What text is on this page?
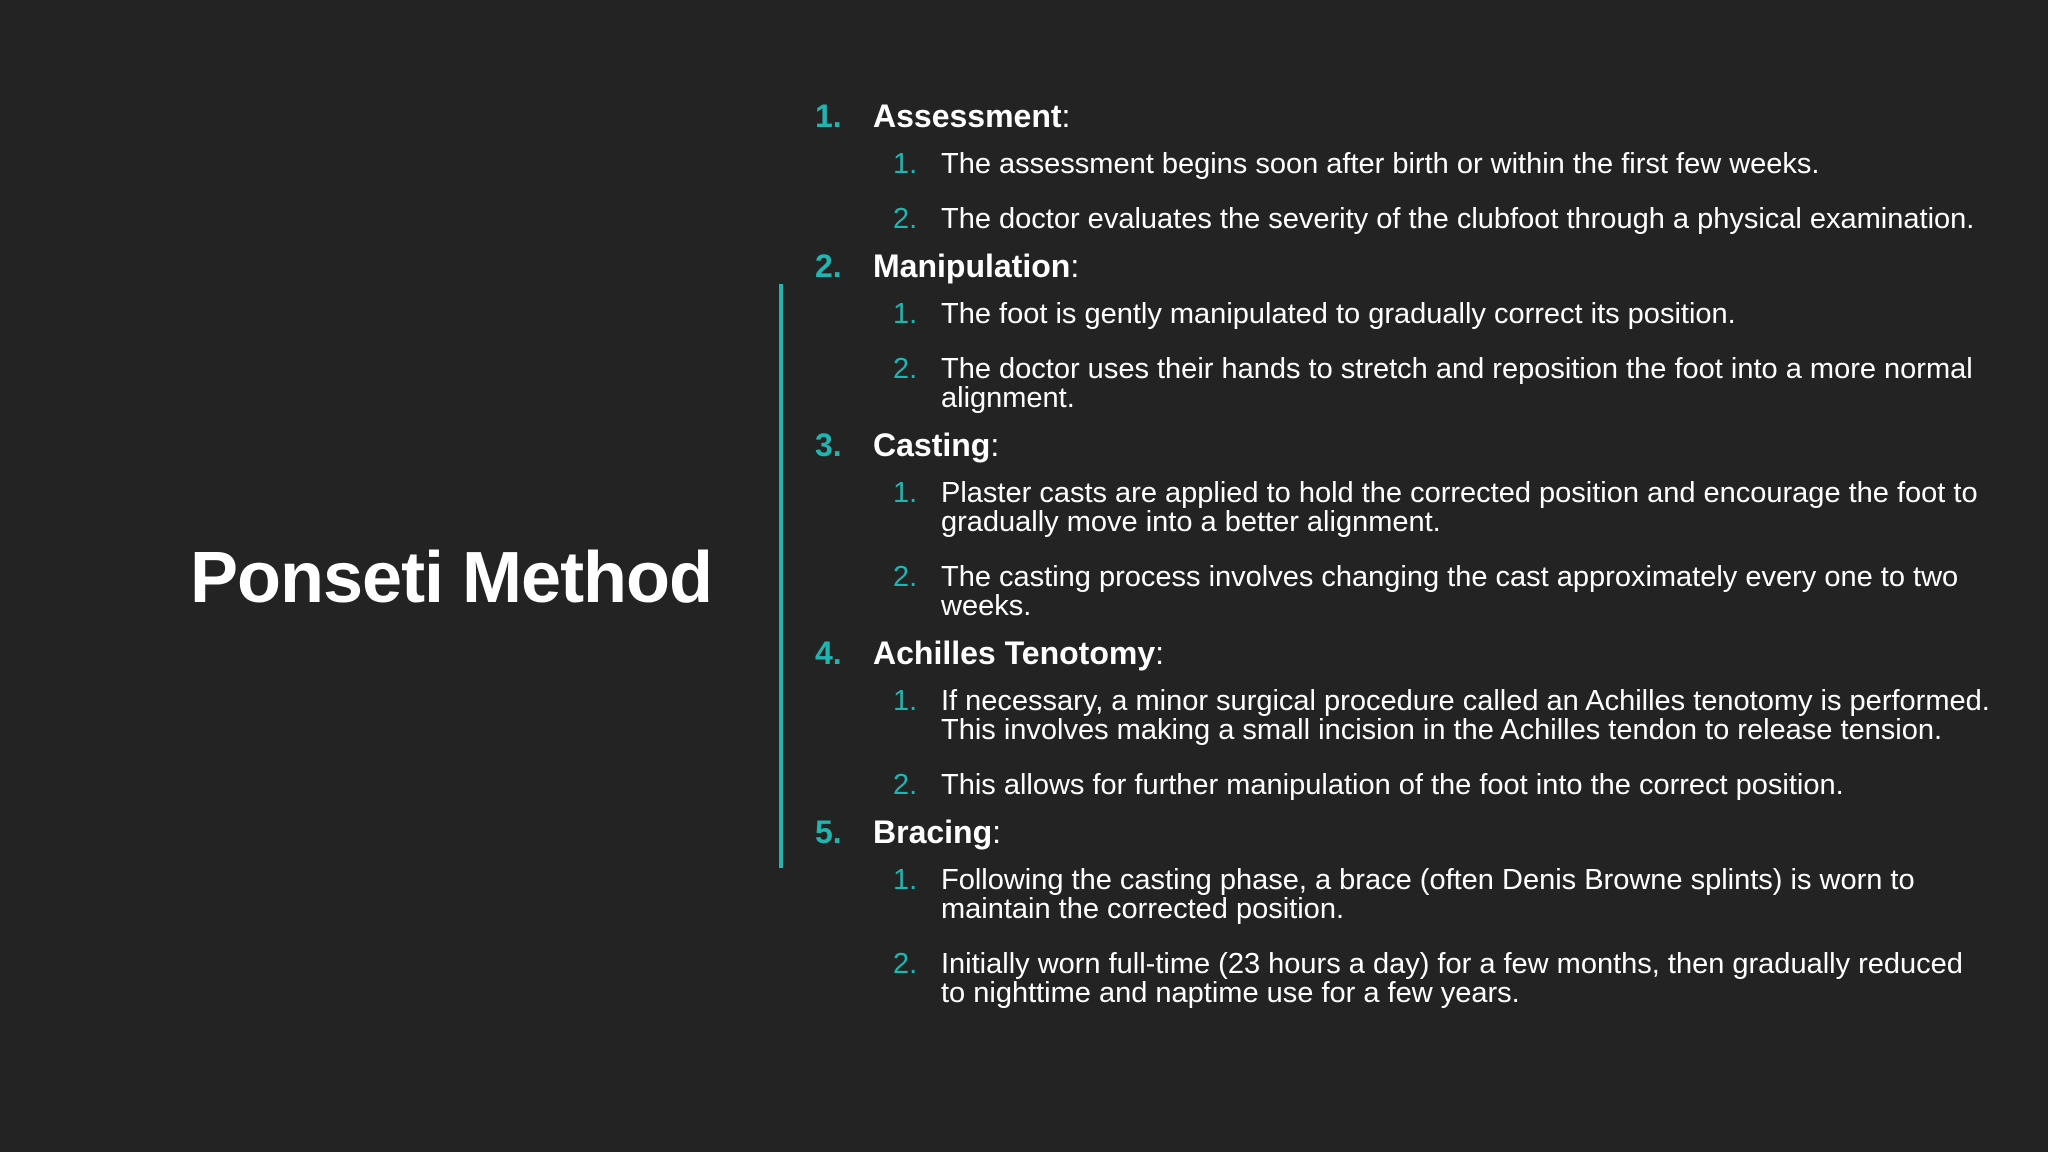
Ponseti Method
1. Assessment:
1. The assessment begins soon after birth or within the first few weeks.
2. The doctor evaluates the severity of the clubfoot through a physical examination.
2. Manipulation:
1. The foot is gently manipulated to gradually correct its position.
2. The doctor uses their hands to stretch and reposition the foot into a more normal alignment.
3. Casting:
1. Plaster casts are applied to hold the corrected position and encourage the foot to gradually move into a better alignment.
2. The casting process involves changing the cast approximately every one to two weeks.
4. Achilles Tenotomy:
1. If necessary, a minor surgical procedure called an Achilles tenotomy is performed. This involves making a small incision in the Achilles tendon to release tension.
2. This allows for further manipulation of the foot into the correct position.
5. Bracing:
1. Following the casting phase, a brace (often Denis Browne splints) is worn to maintain the corrected position.
2. Initially worn full-time (23 hours a day) for a few months, then gradually reduced to nighttime and naptime use for a few years.
